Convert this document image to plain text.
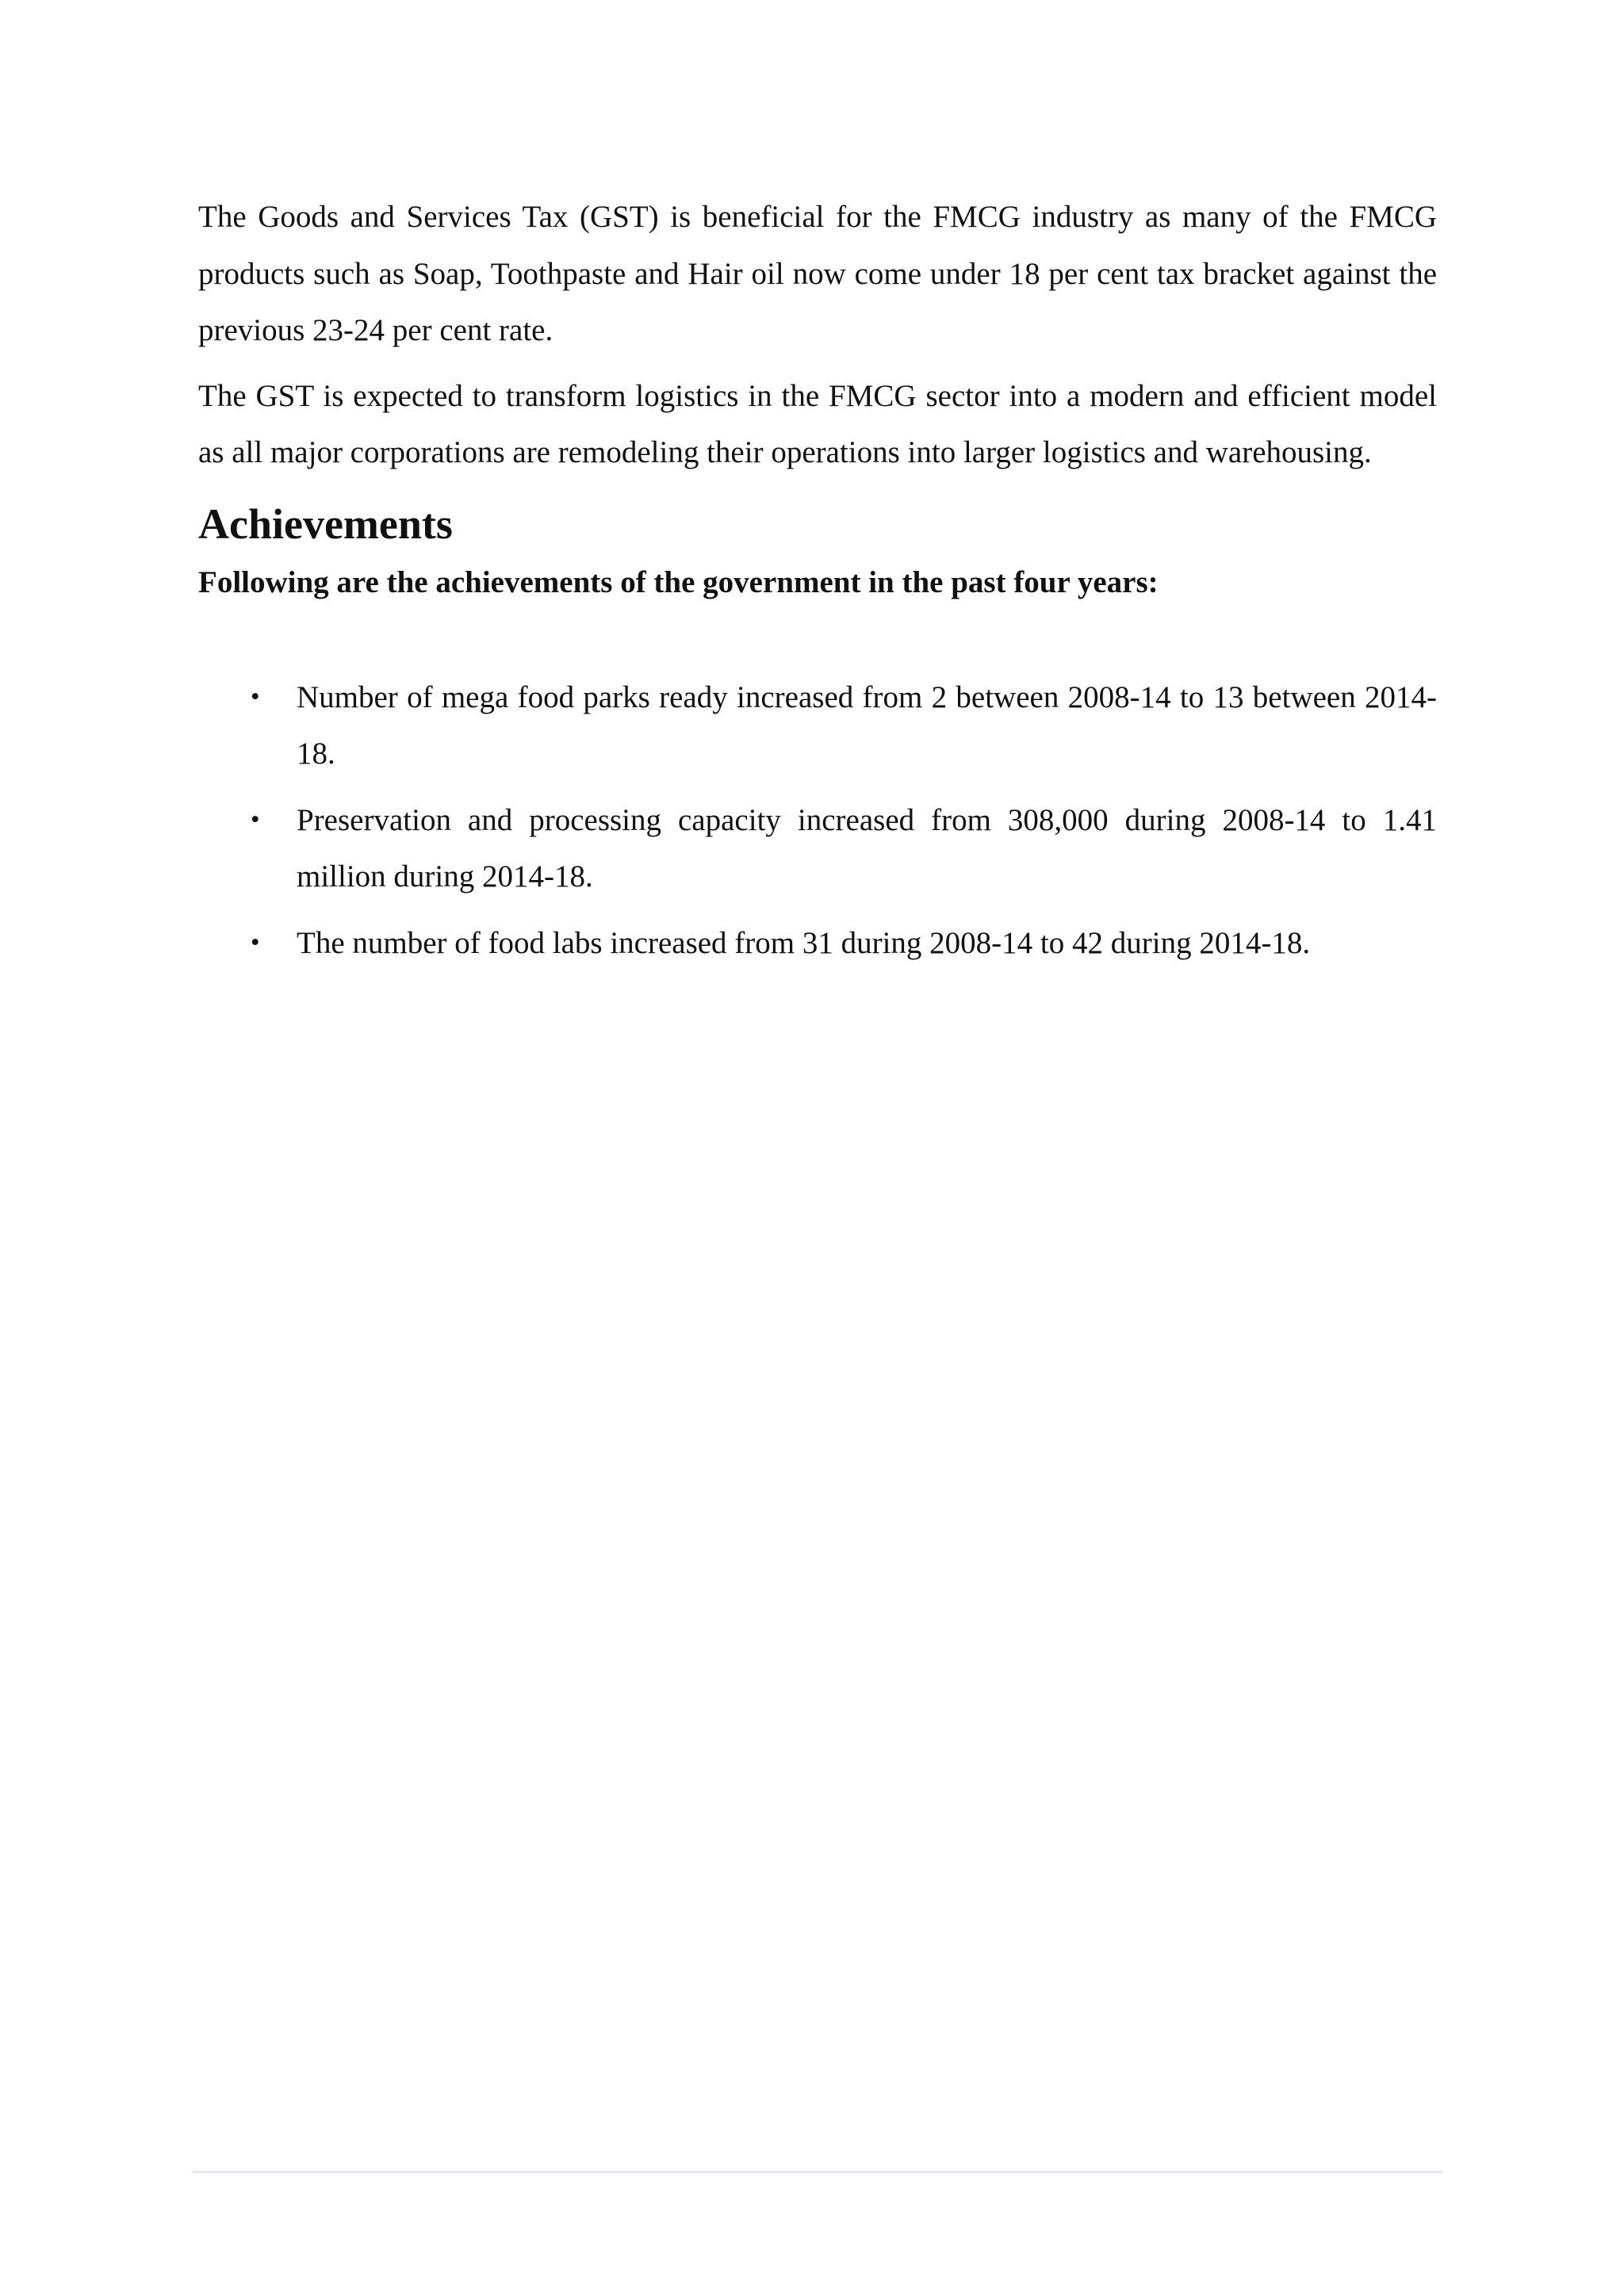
The Goods and Services Tax (GST) is beneficial for the FMCG industry as many of the FMCG products such as Soap, Toothpaste and Hair oil now come under 18 per cent tax bracket against the previous 23-24 per cent rate.

The GST is expected to transform logistics in the FMCG sector into a modern and efficient model as all major corporations are remodeling their operations into larger logistics and warehousing.

Achievements

Following are the achievements of the government in the past four years:

• Number of mega food parks ready increased from 2 between 2008-14 to 13 between 2014-18.
• Preservation and processing capacity increased from 308,000 during 2008-14 to 1.41 million during 2014-18.
• The number of food labs increased from 31 during 2008-14 to 42 during 2014-18.
